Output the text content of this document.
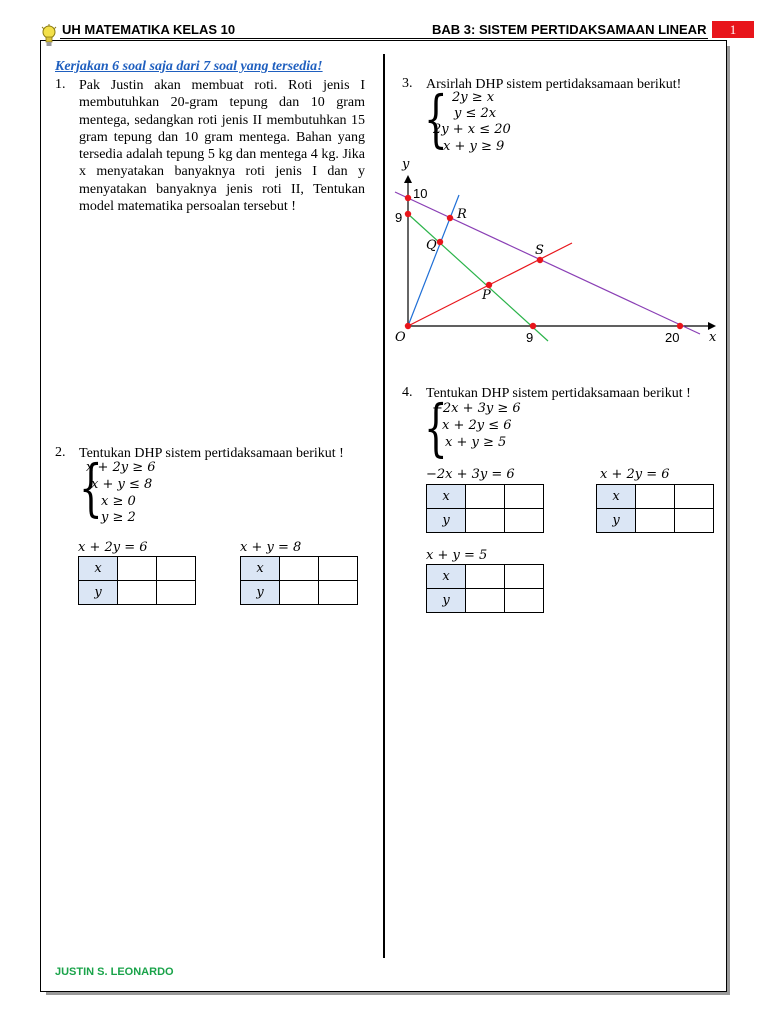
UH MATEMATIKA KELAS 10	BAB 3: SISTEM PERTIDAKSAMAAN LINEAR	1
Kerjakan 6 soal saja dari 7 soal yang tersedia!
1. Pak Justin akan membuat roti. Roti jenis I membutuhkan 20-gram tepung dan 10 gram mentega, sedangkan roti jenis II membutuhkan 15 gram tepung dan 10 gram mentega. Bahan yang tersedia adalah tepung 5 kg dan mentega 4 kg. Jika x menyatakan banyaknya roti jenis I dan y menyatakan banyaknya jenis roti II, Tentukan model matematika persoalan tersebut !
2. Tentukan DHP sistem pertidaksamaan berikut !
{
x + 2y ≥ 6
x + y ≤ 8
x ≥ 0
y ≥ 2
x + 2y = 6
x		
y		
x + y = 8
x		
y		
3. Arsirlah DHP sistem pertidaksamaan berikut!
{ 2y ≥ x
y ≤ 2x
2y + x ≤ 20
x + y ≥ 9
y
x
O
R
Q	S
P
10
9
9	20
4. Tentukan DHP sistem pertidaksamaan berikut !
{
−2x + 3y ≥ 6
x + 2y ≤ 6
x + y ≥ 5
−2x + 3y = 6
x		
y		
x + 2y = 6
x		
y		
x + y = 5
x		
y		
JUSTIN S. LEONARDO
